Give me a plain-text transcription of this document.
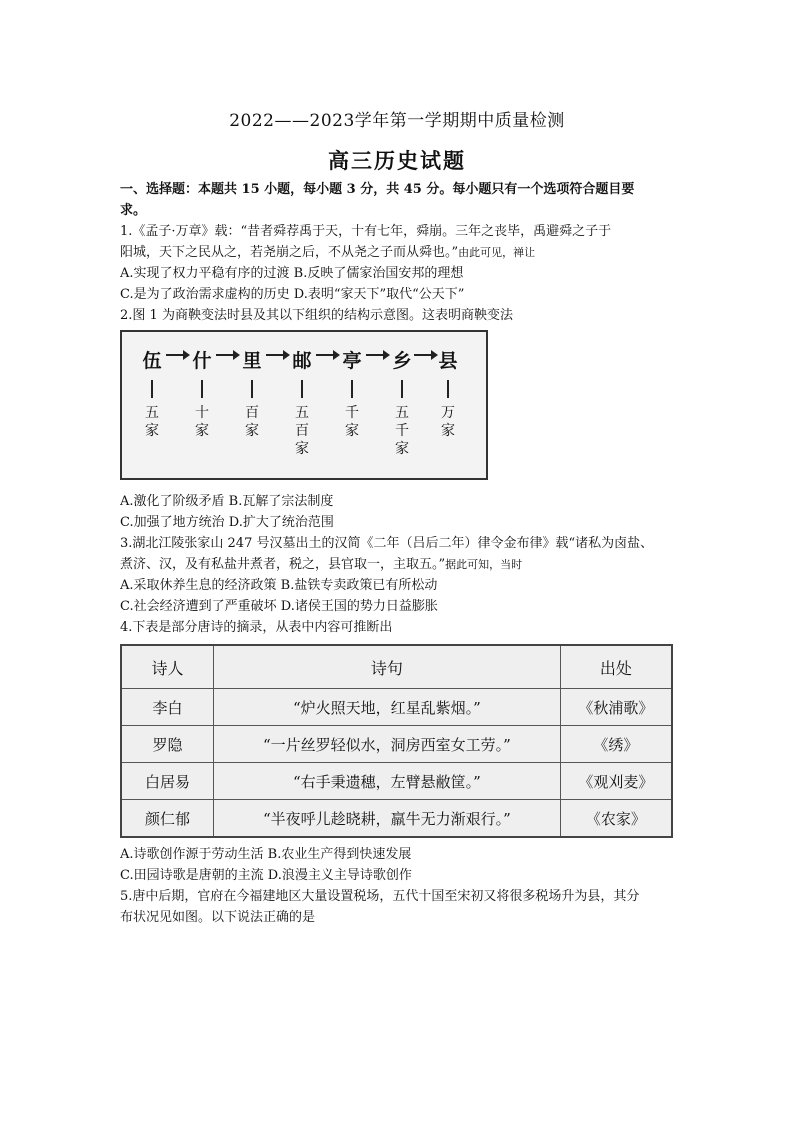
2022——2023学年第一学期期中质量检测
高三历史试题
一、选择题：本题共 15 小题，每小题 3 分，共 45 分。每小题只有一个选项符合题目要
求。
1.《孟子·万章》载：“昔者舜荐禹于天，十有七年，舜崩。三年之丧毕，禹避舜之子于
阳城，天下之民从之，若尧崩之后，不从尧之子而从舜也。”由此可见，禅让
A.实现了权力平稳有序的过渡 B.反映了儒家治国安邦的理想
C.是为了政治需求虚构的历史 D.表明“家天下”取代“公天下”
2.图 1 为商鞅变法时县及其以下组织的结构示意图。这表明商鞅变法
伍 什 里 邮 亭 乡 县
五
家
十
家
百
家
五
百
家
千
家
五
千
家
万
家
A.激化了阶级矛盾 B.瓦解了宗法制度
C.加强了地方统治 D.扩大了统治范围
3.湖北江陵张家山 247 号汉墓出土的汉简《二年（吕后二年）律令金布律》载“诸私为卤盐、
煮济、汉，及有私盐井煮者，税之，县官取一，主取五。”据此可知，当时
A.采取休养生息的经济政策 B.盐铁专卖政策已有所松动
C.社会经济遭到了严重破坏 D.诸侯王国的势力日益膨胀
4.下表是部分唐诗的摘录，从表中内容可推断出
诗人	诗句	出处
李白	“炉火照天地，红星乱紫烟。”	《秋浦歌》
罗隐	“一片丝罗轻似水，洞房西室女工劳。”	《绣》
白居易	“右手秉遗穗，左臂悬敝筐。”	《观刈麦》
颜仁郁	“半夜呼儿趁晓耕，羸牛无力渐艰行。”	《农家》
A.诗歌创作源于劳动生活 B.农业生产得到快速发展
C.田园诗歌是唐朝的主流 D.浪漫主义主导诗歌创作
5.唐中后期，官府在今福建地区大量设置税场，五代十国至宋初又将很多税场升为县，其分
布状况见如图。以下说法正确的是
